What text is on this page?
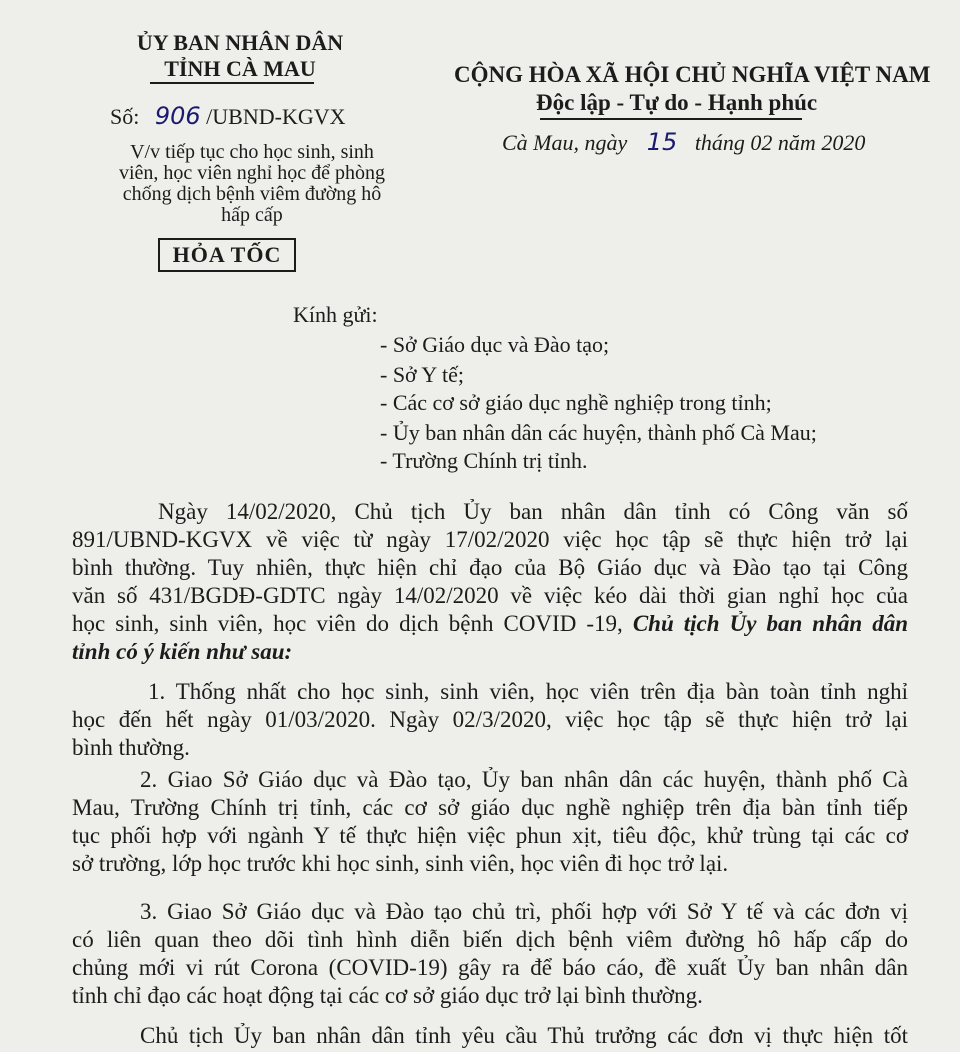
ỦY BAN NHÂN DÂN
TỈNH CÀ MAU
Số: 906 /UBND-KGVX
CỘNG HÒA XÃ HỘI CHỦ NGHĨA VIỆT NAM
Độc lập - Tự do - Hạnh phúc
Cà Mau, ngày 15 tháng 02 năm 2020
V/v tiếp tục cho học sinh, sinh
viên, học viên nghỉ học để phòng
chống dịch bệnh viêm đường hô
hấp cấp
HỎA TỐC
Kính gửi:
- Sở Giáo dục và Đào tạo;
- Sở Y tế;
- Các cơ sở giáo dục nghề nghiệp trong tỉnh;
- Ủy ban nhân dân các huyện, thành phố Cà Mau;
- Trường Chính trị tỉnh.
Ngày 14/02/2020, Chủ tịch Ủy ban nhân dân tỉnh có Công văn số
891/UBND-KGVX về việc từ ngày 17/02/2020 việc học tập sẽ thực hiện trở lại
bình thường. Tuy nhiên, thực hiện chỉ đạo của Bộ Giáo dục và Đào tạo tại Công
văn số 431/BGDĐ-GDTC ngày 14/02/2020 về việc kéo dài thời gian nghỉ học của
học sinh, sinh viên, học viên do dịch bệnh COVID -19, Chủ tịch Ủy ban nhân dân
tỉnh có ý kiến như sau:
1. Thống nhất cho học sinh, sinh viên, học viên trên địa bàn toàn tỉnh nghỉ
học đến hết ngày 01/03/2020. Ngày 02/3/2020, việc học tập sẽ thực hiện trở lại
bình thường.
2. Giao Sở Giáo dục và Đào tạo, Ủy ban nhân dân các huyện, thành phố Cà
Mau, Trường Chính trị tỉnh, các cơ sở giáo dục nghề nghiệp trên địa bàn tỉnh tiếp
tục phối hợp với ngành Y tế thực hiện việc phun xịt, tiêu độc, khử trùng tại các cơ
sở trường, lớp học trước khi học sinh, sinh viên, học viên đi học trở lại.
3. Giao Sở Giáo dục và Đào tạo chủ trì, phối hợp với Sở Y tế và các đơn vị
có liên quan theo dõi tình hình diễn biến dịch bệnh viêm đường hô hấp cấp do
chủng mới vi rút Corona (COVID-19) gây ra để báo cáo, đề xuất Ủy ban nhân dân
tỉnh chỉ đạo các hoạt động tại các cơ sở giáo dục trở lại bình thường.
Chủ tịch Ủy ban nhân dân tỉnh yêu cầu Thủ trưởng các đơn vị thực hiện tốt
